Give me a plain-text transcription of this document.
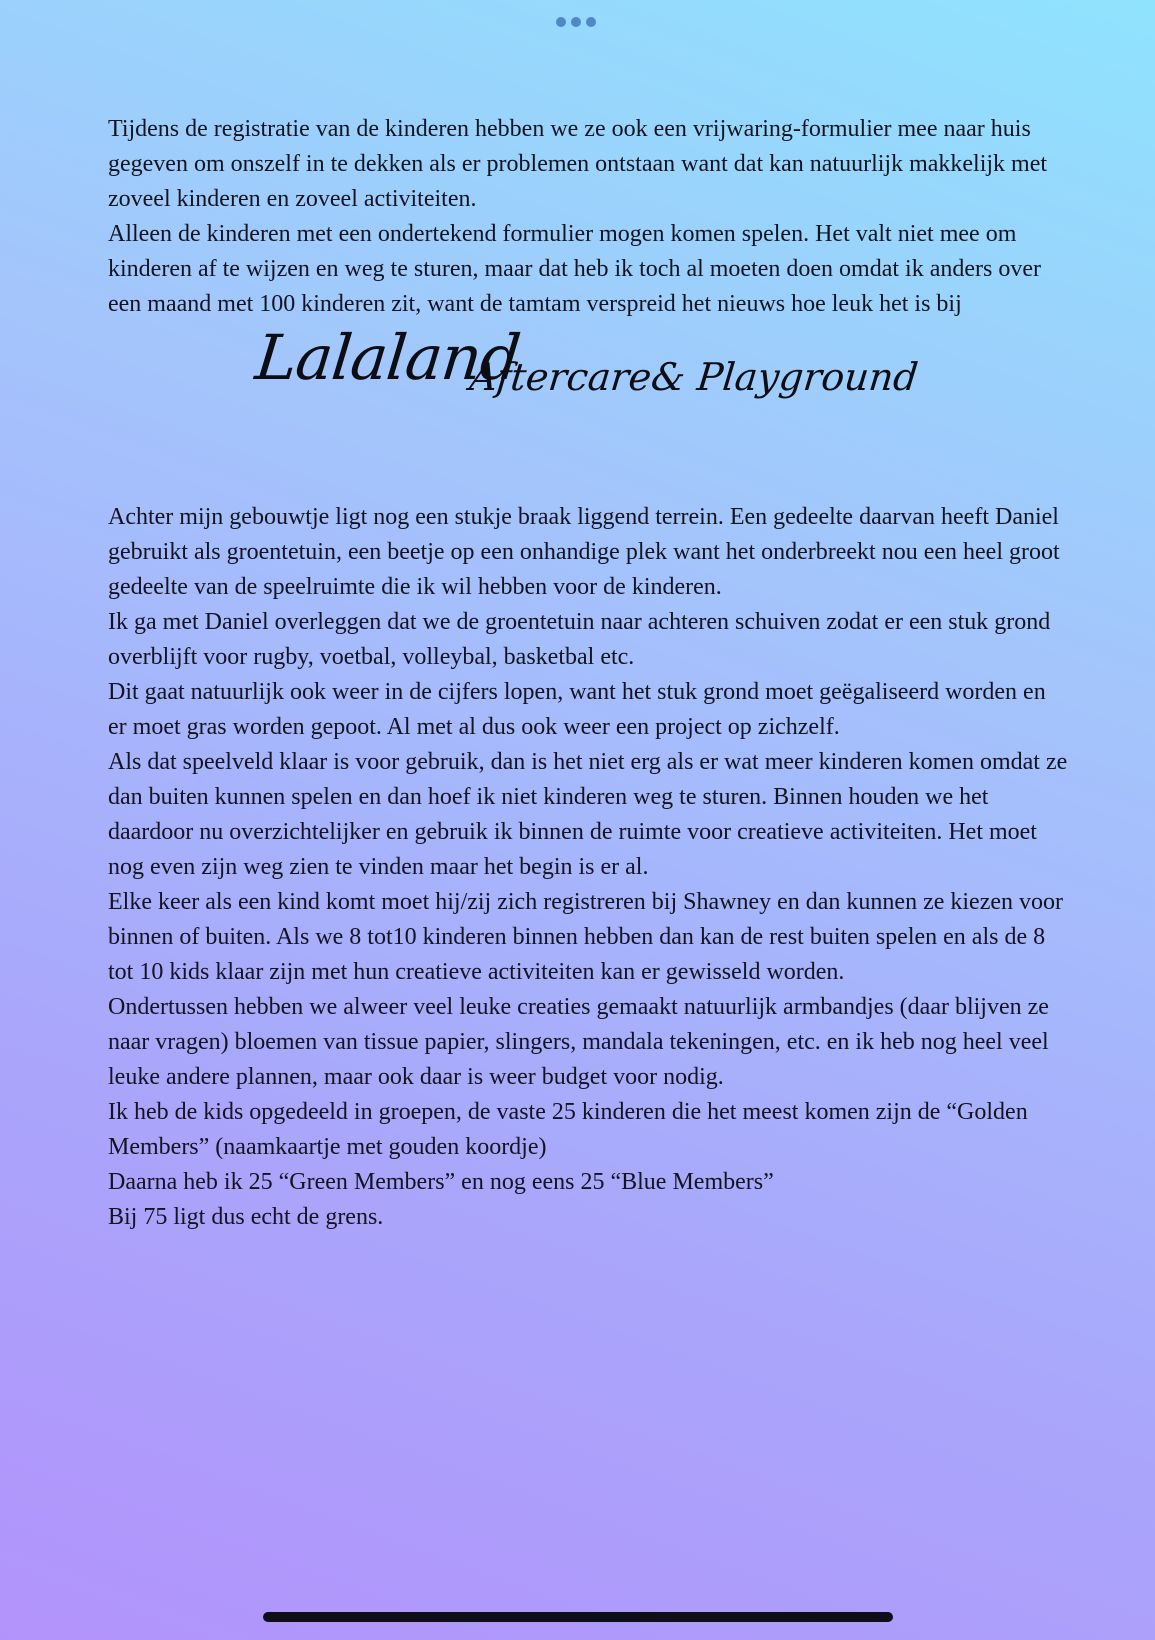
Tijdens de registratie van de kinderen hebben we ze ook een vrijwaring-formulier mee naar huis gegeven om onszelf in te dekken als er problemen ontstaan want dat kan natuurlijk makkelijk met zoveel kinderen en zoveel activiteiten.

Alleen de kinderen met een ondertekend formulier mogen komen spelen. Het valt niet mee om kinderen af te wijzen en weg te sturen, maar dat heb ik toch al moeten doen omdat ik anders over een maand met 100 kinderen zit, want de tamtam verspreid het nieuws hoe leuk het is bij

Lalaland
Aftercare& Playground

Achter mijn gebouwtje ligt nog een stukje braak liggend terrein. Een gedeelte daarvan heeft Daniel gebruikt als groentetuin, een beetje op een onhandige plek want het onderbreekt nou een heel groot gedeelte van de speelruimte die ik wil hebben voor de kinderen.

Ik ga met Daniel overleggen dat we de groentetuin naar achteren schuiven zodat er een stuk grond overblijft voor rugby, voetbal, volleybal, basketbal etc.

Dit gaat natuurlijk ook weer in de cijfers lopen, want het stuk grond moet geëgaliseerd worden en er moet gras worden gepoot. Al met al dus ook weer een project op zichzelf.

Als dat speelveld klaar is voor gebruik, dan is het niet erg als er wat meer kinderen komen omdat ze dan buiten kunnen spelen en dan hoef ik niet kinderen weg te sturen. Binnen houden we het daardoor nu overzichtelijker en gebruik ik binnen de ruimte voor creatieve activiteiten. Het moet nog even zijn weg zien te vinden maar het begin is er al.

Elke keer als een kind komt moet hij/zij zich registreren bij Shawney en dan kunnen ze kiezen voor binnen of buiten. Als we 8 tot10 kinderen binnen hebben dan kan de rest buiten spelen en als de 8 tot 10 kids klaar zijn met hun creatieve activiteiten kan er gewisseld worden.

Ondertussen hebben we alweer veel leuke creaties gemaakt natuurlijk armbandjes (daar blijven ze naar vragen) bloemen van tissue papier, slingers, mandala tekeningen, etc. en ik heb nog heel veel leuke andere plannen, maar ook daar is weer budget voor nodig.

Ik heb de kids opgedeeld in groepen, de vaste 25 kinderen die het meest komen zijn de “Golden Members” (naamkaartje met gouden koordje)

Daarna heb ik 25 “Green Members” en nog eens 25 “Blue Members”

Bij 75 ligt dus echt de grens.
